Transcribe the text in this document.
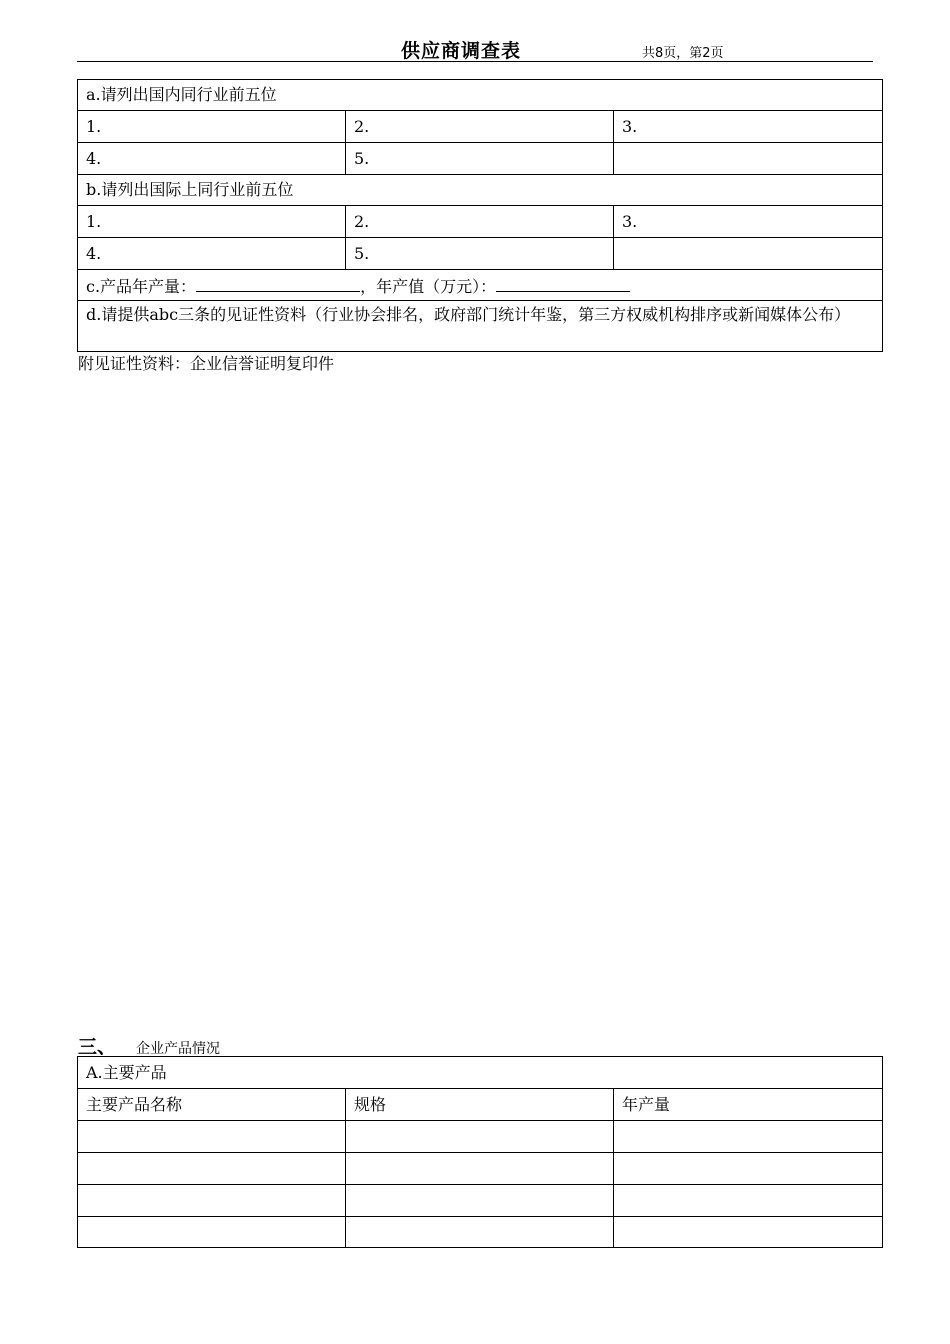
供应商调查表	共8页，第2页
a.请列出国内同行业前五位		
1.	2.	3.
4.	5.	
b.请列出国际上同行业前五位		
1.	2.	3.
4.	5.	
c.产品年产量： ，年产值（万元）：		
d.请提供abc三条的见证性资料（行业协会排名，政府部门统计年鉴，第三方权威机构排序或新闻媒体公布）		
附见证性资料：企业信誉证明复印件
三、 企业产品情况
A.主要产品		
主要产品名称	规格	年产量
